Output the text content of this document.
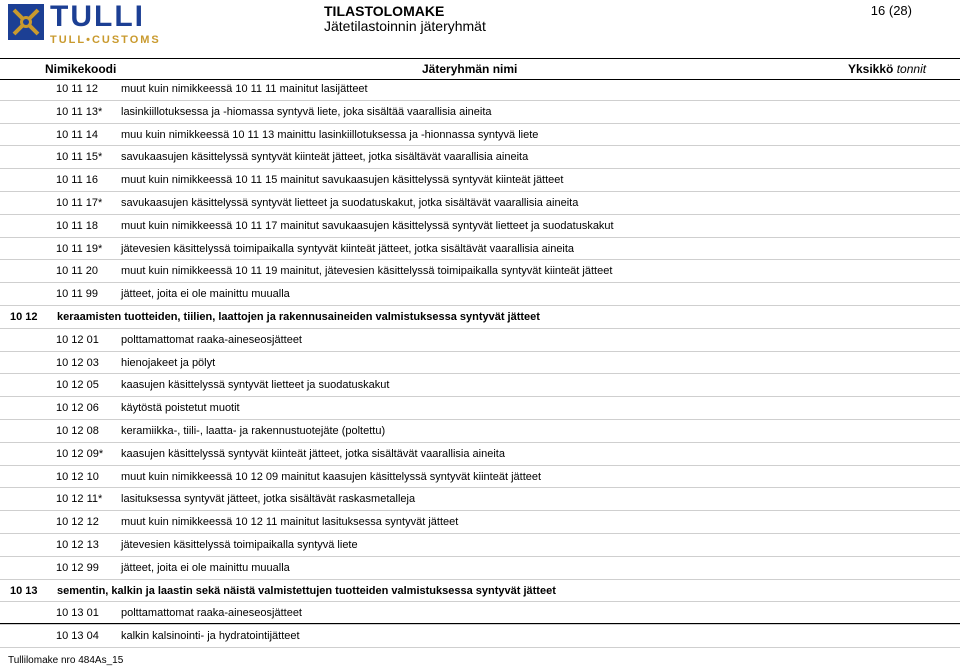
TULLI
TULL•CUSTOMS
TILASTOLOMAKE
Jätetilastoinnin jäteryhmät
16 (28)
Nimikekoodi	Jäteryhmän nimi	Yksikkö tonnit
10 11 12 muut kuin nimikkeessä 10 11 11 mainitut lasijätteet
10 11 13* lasinkiillotuksessa ja -hiomassa syntyvä liete, joka sisältää vaarallisia aineita
10 11 14 muu kuin nimikkeessä 10 11 13 mainittu lasinkiillotuksessa ja -hionnassa syntyvä liete
10 11 15* savukaasujen käsittelyssä syntyvät kiinteät jätteet, jotka sisältävät vaarallisia aineita
10 11 16 muut kuin nimikkeessä 10 11 15 mainitut savukaasujen käsittelyssä syntyvät kiinteät jätteet
10 11 17* savukaasujen käsittelyssä syntyvät lietteet ja suodatuskakut, jotka sisältävät vaarallisia aineita
10 11 18 muut kuin nimikkeessä 10 11 17 mainitut savukaasujen käsittelyssä syntyvät lietteet ja suodatuskakut
10 11 19* jätevesien käsittelyssä toimipaikalla syntyvät kiinteät jätteet, jotka sisältävät vaarallisia aineita
10 11 20 muut kuin nimikkeessä 10 11 19 mainitut, jätevesien käsittelyssä toimipaikalla syntyvät kiinteät jätteet
10 11 99 jätteet, joita ei ole mainittu muualla
10 12 keraamisten tuotteiden, tiilien, laattojen ja rakennusaineiden valmistuksessa syntyvät jätteet
10 12 01 polttamattomat raaka-aineseosjätteet
10 12 03 hienojakeet ja pölyt
10 12 05 kaasujen käsittelyssä syntyvät lietteet ja suodatuskakut
10 12 06 käytöstä poistetut muotit
10 12 08 keramiikka-, tiili-, laatta- ja rakennustuotejäte (poltettu)
10 12 09* kaasujen käsittelyssä syntyvät kiinteät jätteet, jotka sisältävät vaarallisia aineita
10 12 10 muut kuin nimikkeessä 10 12 09 mainitut kaasujen käsittelyssä syntyvät kiinteät jätteet
10 12 11* lasituksessa syntyvät jätteet, jotka sisältävät raskasmetalleja
10 12 12 muut kuin nimikkeessä 10 12 11 mainitut lasituksessa syntyvät jätteet
10 12 13 jätevesien käsittelyssä toimipaikalla syntyvä liete
10 12 99 jätteet, joita ei ole mainittu muualla
10 13 sementin, kalkin ja laastin sekä näistä valmistettujen tuotteiden valmistuksessa syntyvät jätteet
10 13 01 polttamattomat raaka-aineseosjätteet
10 13 04 kalkin kalsinointi- ja hydratointijätteet
Tullilomake nro 484As_15
